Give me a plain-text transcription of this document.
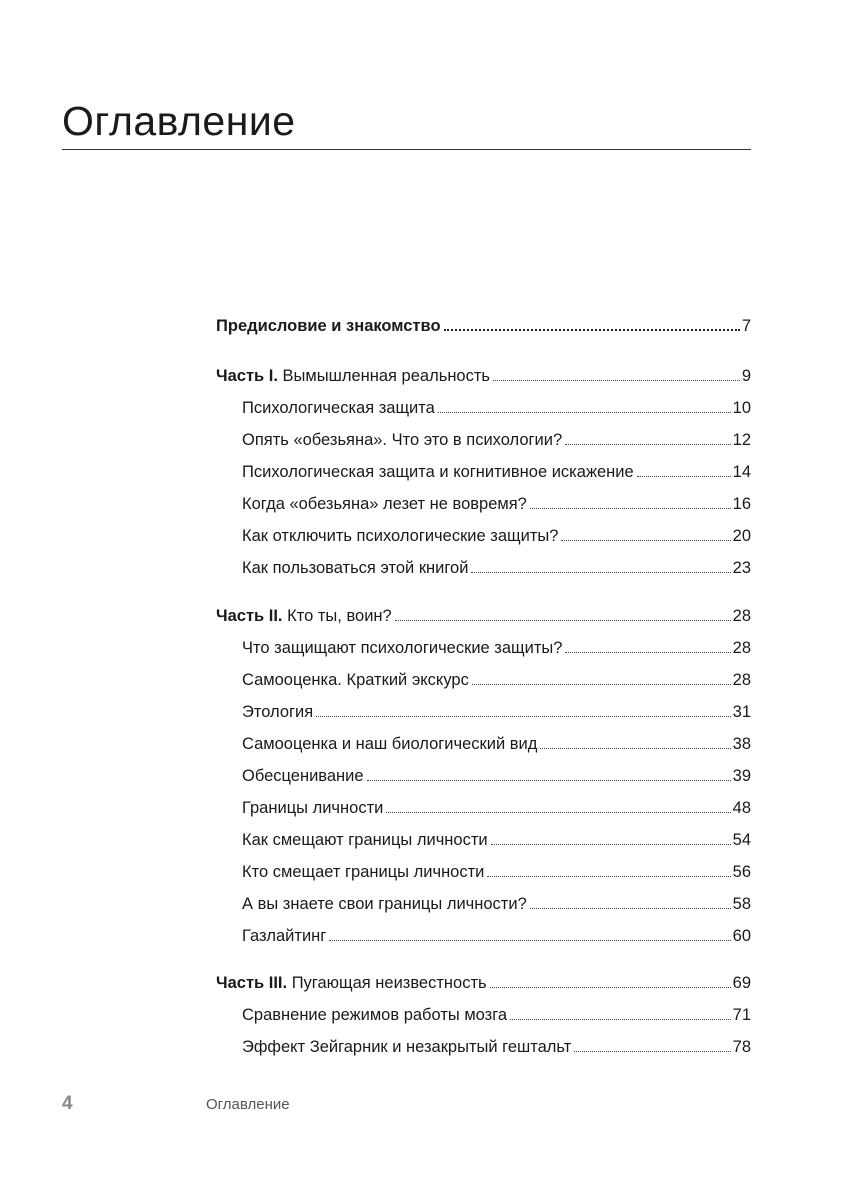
Оглавление
Предисловие и знакомство	7
Часть I. Вымышленная реальность	9
Психологическая защита	10
Опять «обезьяна». Что это в психологии?	12
Психологическая защита и когнитивное искажение	14
Когда «обезьяна» лезет не вовремя?	16
Как отключить психологические защиты?	20
Как пользоваться этой книгой	23
Часть II. Кто ты, воин?	28
Что защищают психологические защиты?	28
Самооценка. Краткий экскурс	28
Этология	31
Самооценка и наш биологический вид	38
Обесценивание	39
Границы личности	48
Как смещают границы личности	54
Кто смещает границы личности	56
А вы знаете свои границы личности?	58
Газлайтинг	60
Часть III. Пугающая неизвестность	69
Сравнение режимов работы мозга	71
Эффект Зейгарник и незакрытый гештальт	78
4	Оглавление
